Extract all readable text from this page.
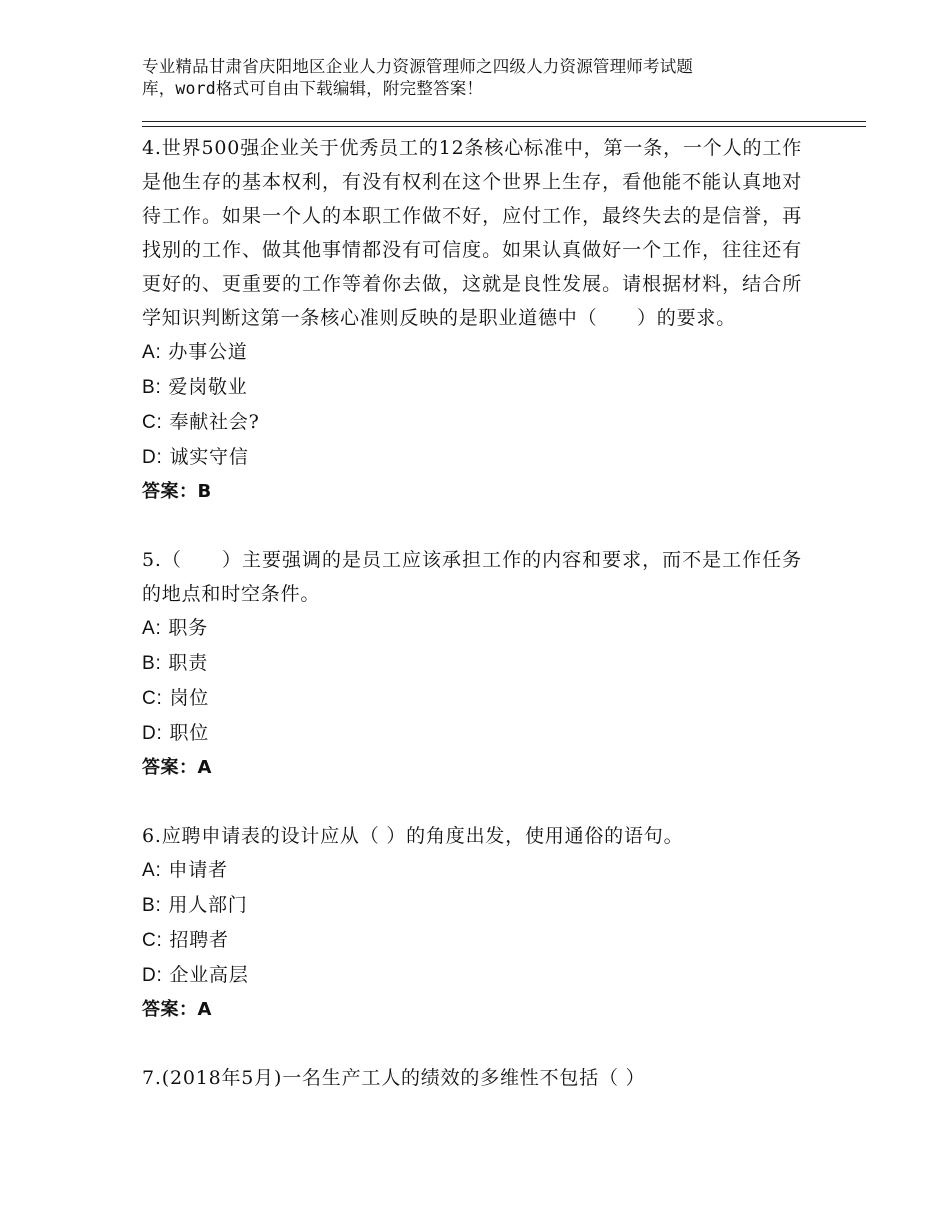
专业精品甘肃省庆阳地区企业人力资源管理师之四级人力资源管理师考试题
库，word格式可自由下载编辑，附完整答案！
4.世界500强企业关于优秀员工的12条核心标准中，第一条，一个人的工作是他生存的基本权利，有没有权利在这个世界上生存，看他能不能认真地对待工作。如果一个人的本职工作做不好，应付工作，最终失去的是信誉，再找别的工作、做其他事情都没有可信度。如果认真做好一个工作，往往还有更好的、更重要的工作等着你去做，这就是良性发展。请根据材料，结合所学知识判断这第一条核心准则反映的是职业道德中（　　）的要求。
A: 办事公道
B: 爱岗敬业
C: 奉献社会?
D: 诚实守信
答案：B
5.（　　）主要强调的是员工应该承担工作的内容和要求，而不是工作任务的地点和时空条件。
A: 职务
B: 职责
C: 岗位
D: 职位
答案：A
6.应聘申请表的设计应从（ ）的角度出发，使用通俗的语句。
A: 申请者
B: 用人部门
C: 招聘者
D: 企业高层
答案：A
7.(2018年5月)一名生产工人的绩效的多维性不包括（ ）
